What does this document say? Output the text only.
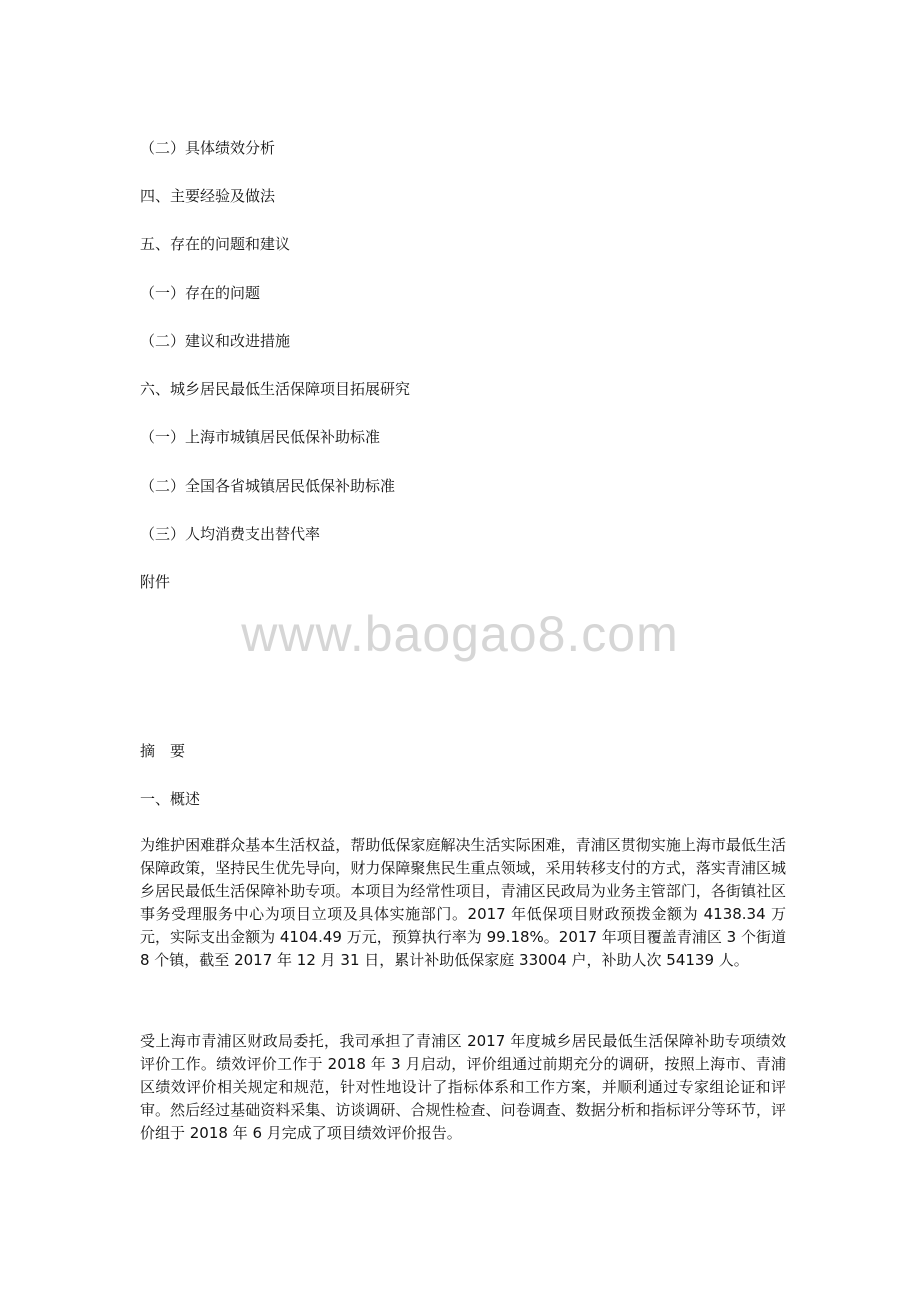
（二）具体绩效分析
四、主要经验及做法
五、存在的问题和建议
（一）存在的问题
（二）建议和改进措施
六、城乡居民最低生活保障项目拓展研究
（一）上海市城镇居民低保补助标准
（二）全国各省城镇居民低保补助标准
（三）人均消费支出替代率
附件
www.baogao8.com
摘　要
一、概述
为维护困难群众基本生活权益，帮助低保家庭解决生活实际困难，青浦区贯彻实施上海市最低生活保障政策，坚持民生优先导向，财力保障聚焦民生重点领域，采用转移支付的方式，落实青浦区城乡居民最低生活保障补助专项。本项目为经常性项目，青浦区民政局为业务主管部门，各街镇社区事务受理服务中心为项目立项及具体实施部门。2017 年低保项目财政预拨金额为 4138.34 万元，实际支出金额为 4104.49 万元，预算执行率为 99.18%。2017 年项目覆盖青浦区 3 个街道 8 个镇，截至 2017 年 12 月 31 日，累计补助低保家庭 33004 户，补助人次 54139 人。
受上海市青浦区财政局委托，我司承担了青浦区 2017 年度城乡居民最低生活保障补助专项绩效评价工作。绩效评价工作于 2018 年 3 月启动，评价组通过前期充分的调研，按照上海市、青浦区绩效评价相关规定和规范，针对性地设计了指标体系和工作方案，并顺利通过专家组论证和评审。然后经过基础资料采集、访谈调研、合规性检查、问卷调查、数据分析和指标评分等环节，评价组于 2018 年 6 月完成了项目绩效评价报告。
